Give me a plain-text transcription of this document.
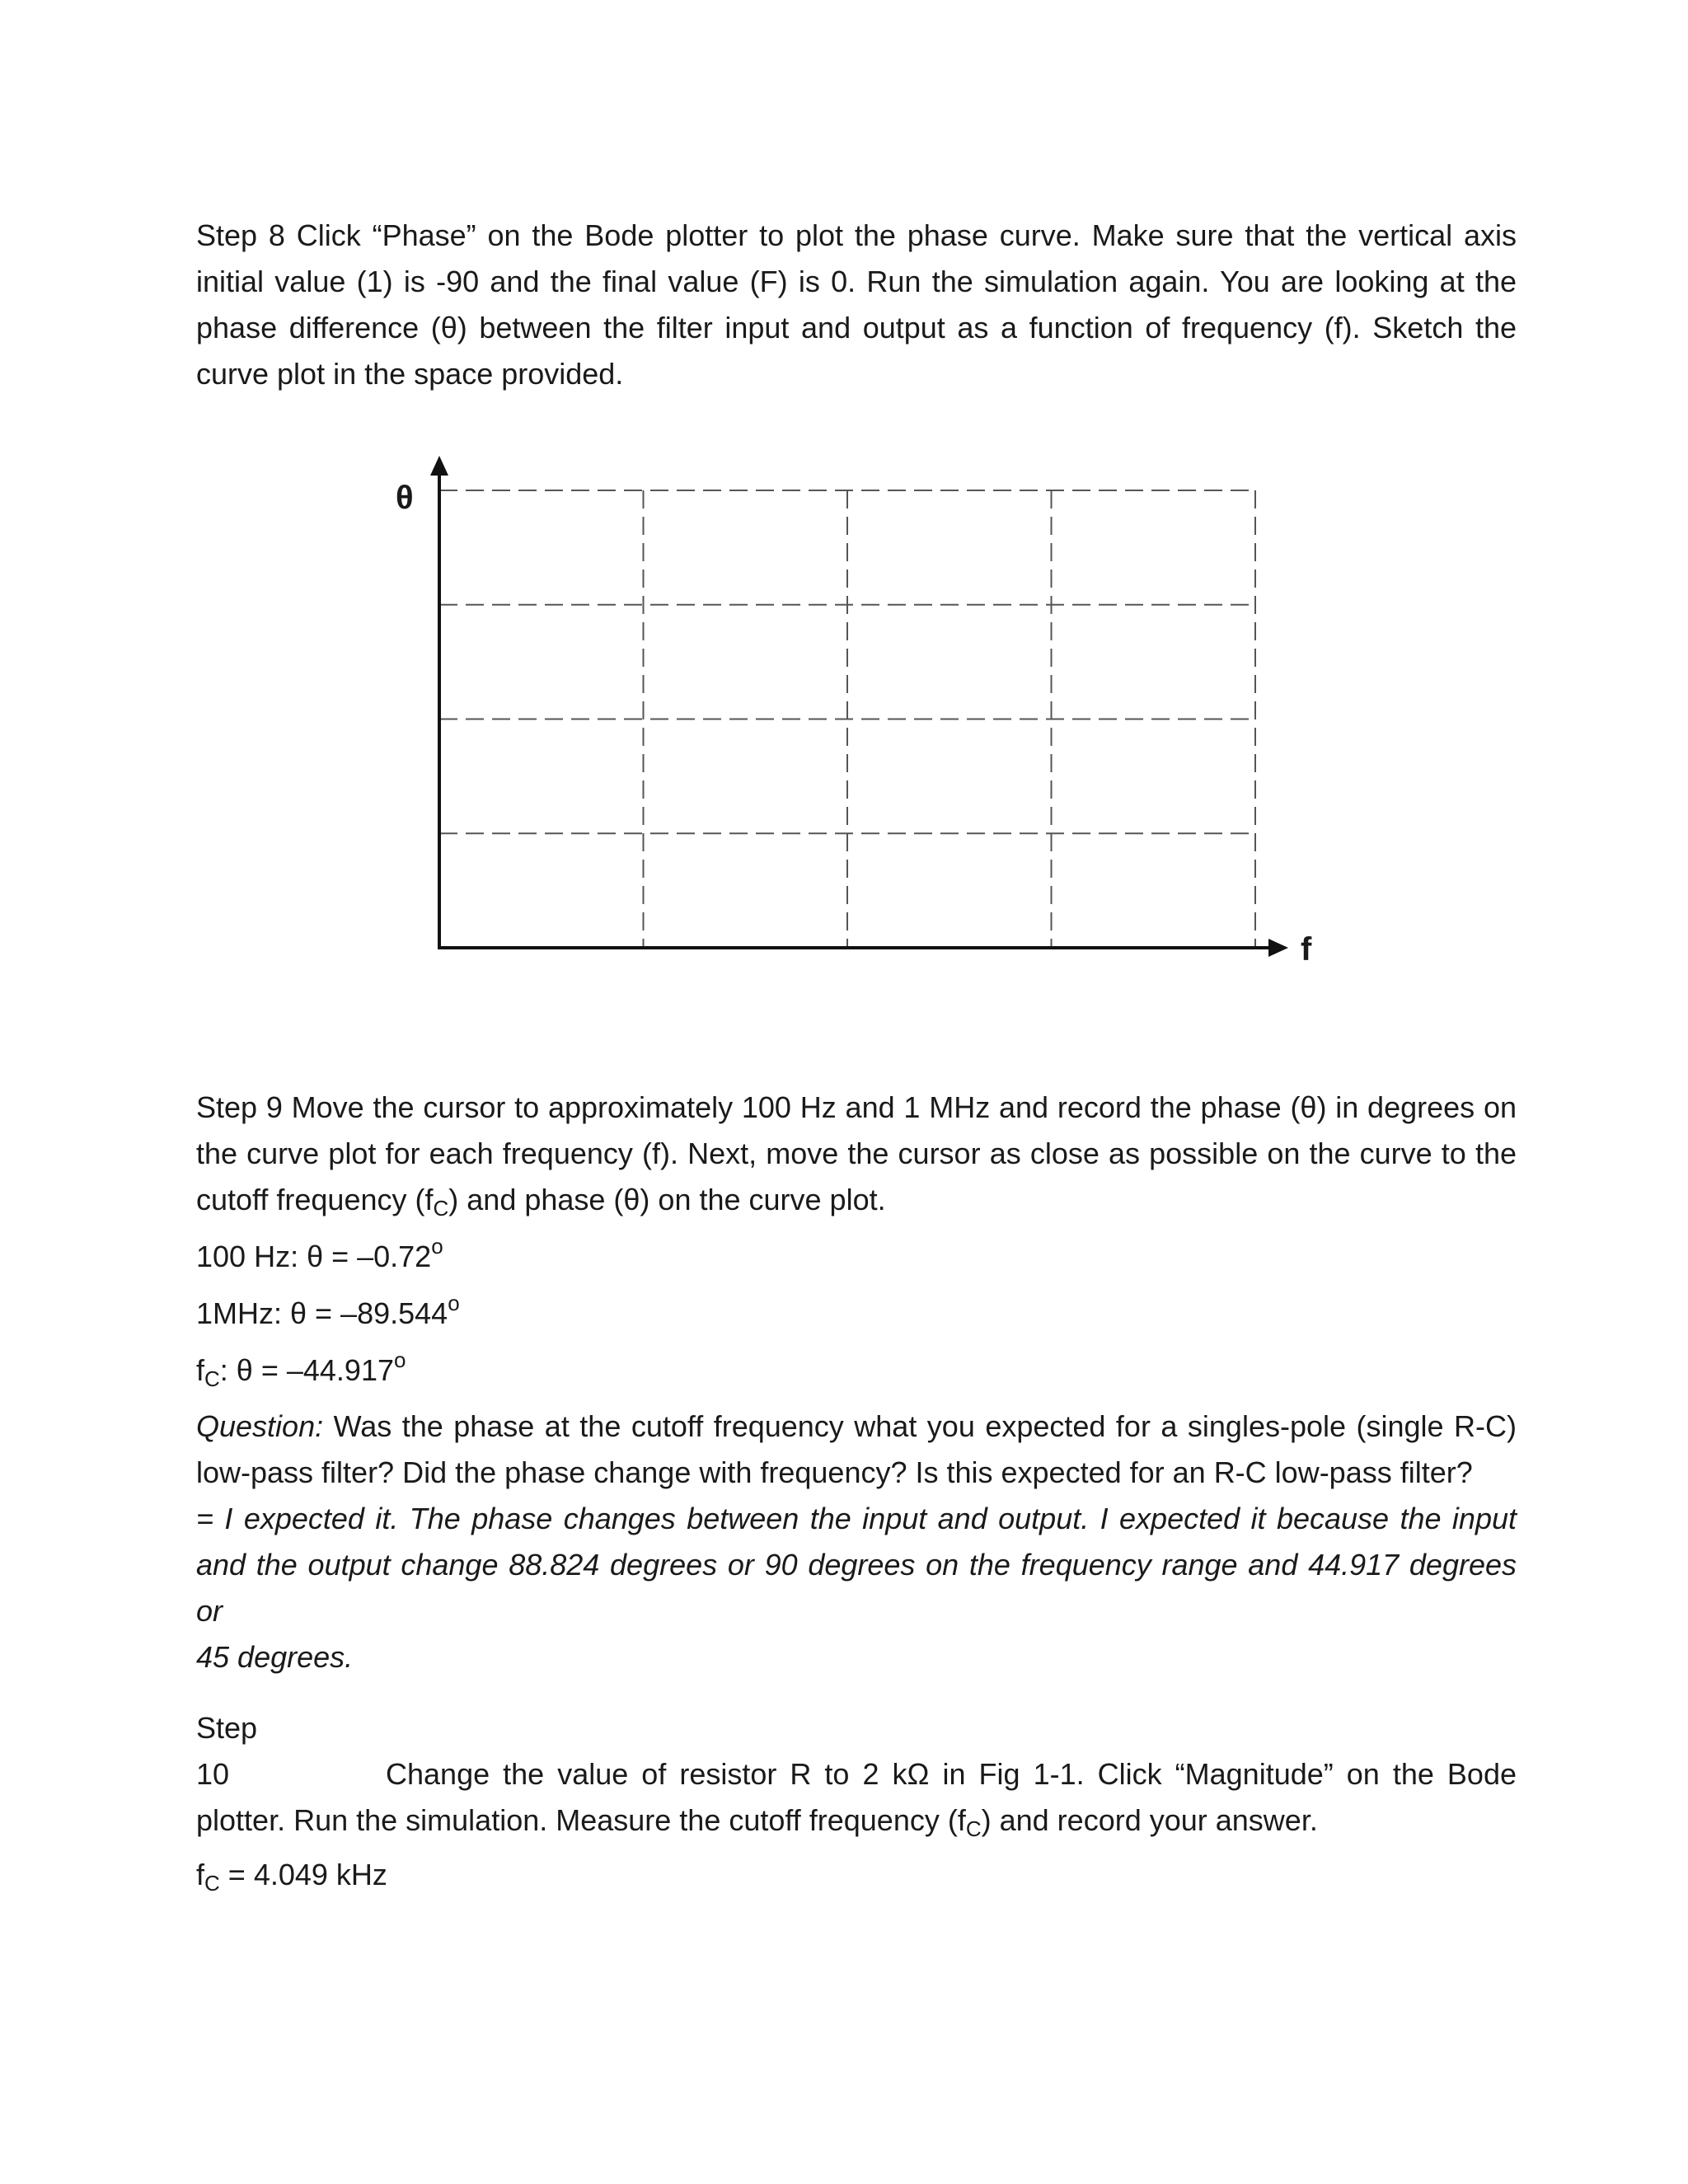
Step 8 Click “Phase” on the Bode plotter to plot the phase curve. Make sure that the vertical axis
initial value (1) is -90 and the final value (F) is 0. Run the simulation again. You are looking at the
phase difference (θ) between the filter input and output as a function of frequency (f). Sketch the
curve plot in the space provided.
θ
f
Step 9 Move the cursor to approximately 100 Hz and 1 MHz and record the phase (θ) in degrees on
the curve plot for each frequency (f). Next, move the cursor as close as possible on the curve to the
cutoff frequency $(f_C)$ and phase (θ) on the curve plot.
100 Hz: $\theta = -0.72^o$
1MHz: $\theta = -89.544^o$
$f_C$: $\theta = -44.917^o$
Question: Was the phase at the cutoff frequency what you expected for a singles-pole (single R-C)
low-pass filter? Did the phase change with frequency? Is this expected for an R-C low-pass filter?
= I expected it. The phase changes between the input and output. I expected it because the input
and the output change 88.824 degrees or 90 degrees on the frequency range and 44.917 degrees or
45 degrees.
Step 10	Change the value of resistor R to 2 kΩ in Fig 1-1. Click “Magnitude” on the Bode
plotter. Run the simulation. Measure the cutoff frequency $(f_C)$ and record your answer.
$f_C = 4.049$ kHz
